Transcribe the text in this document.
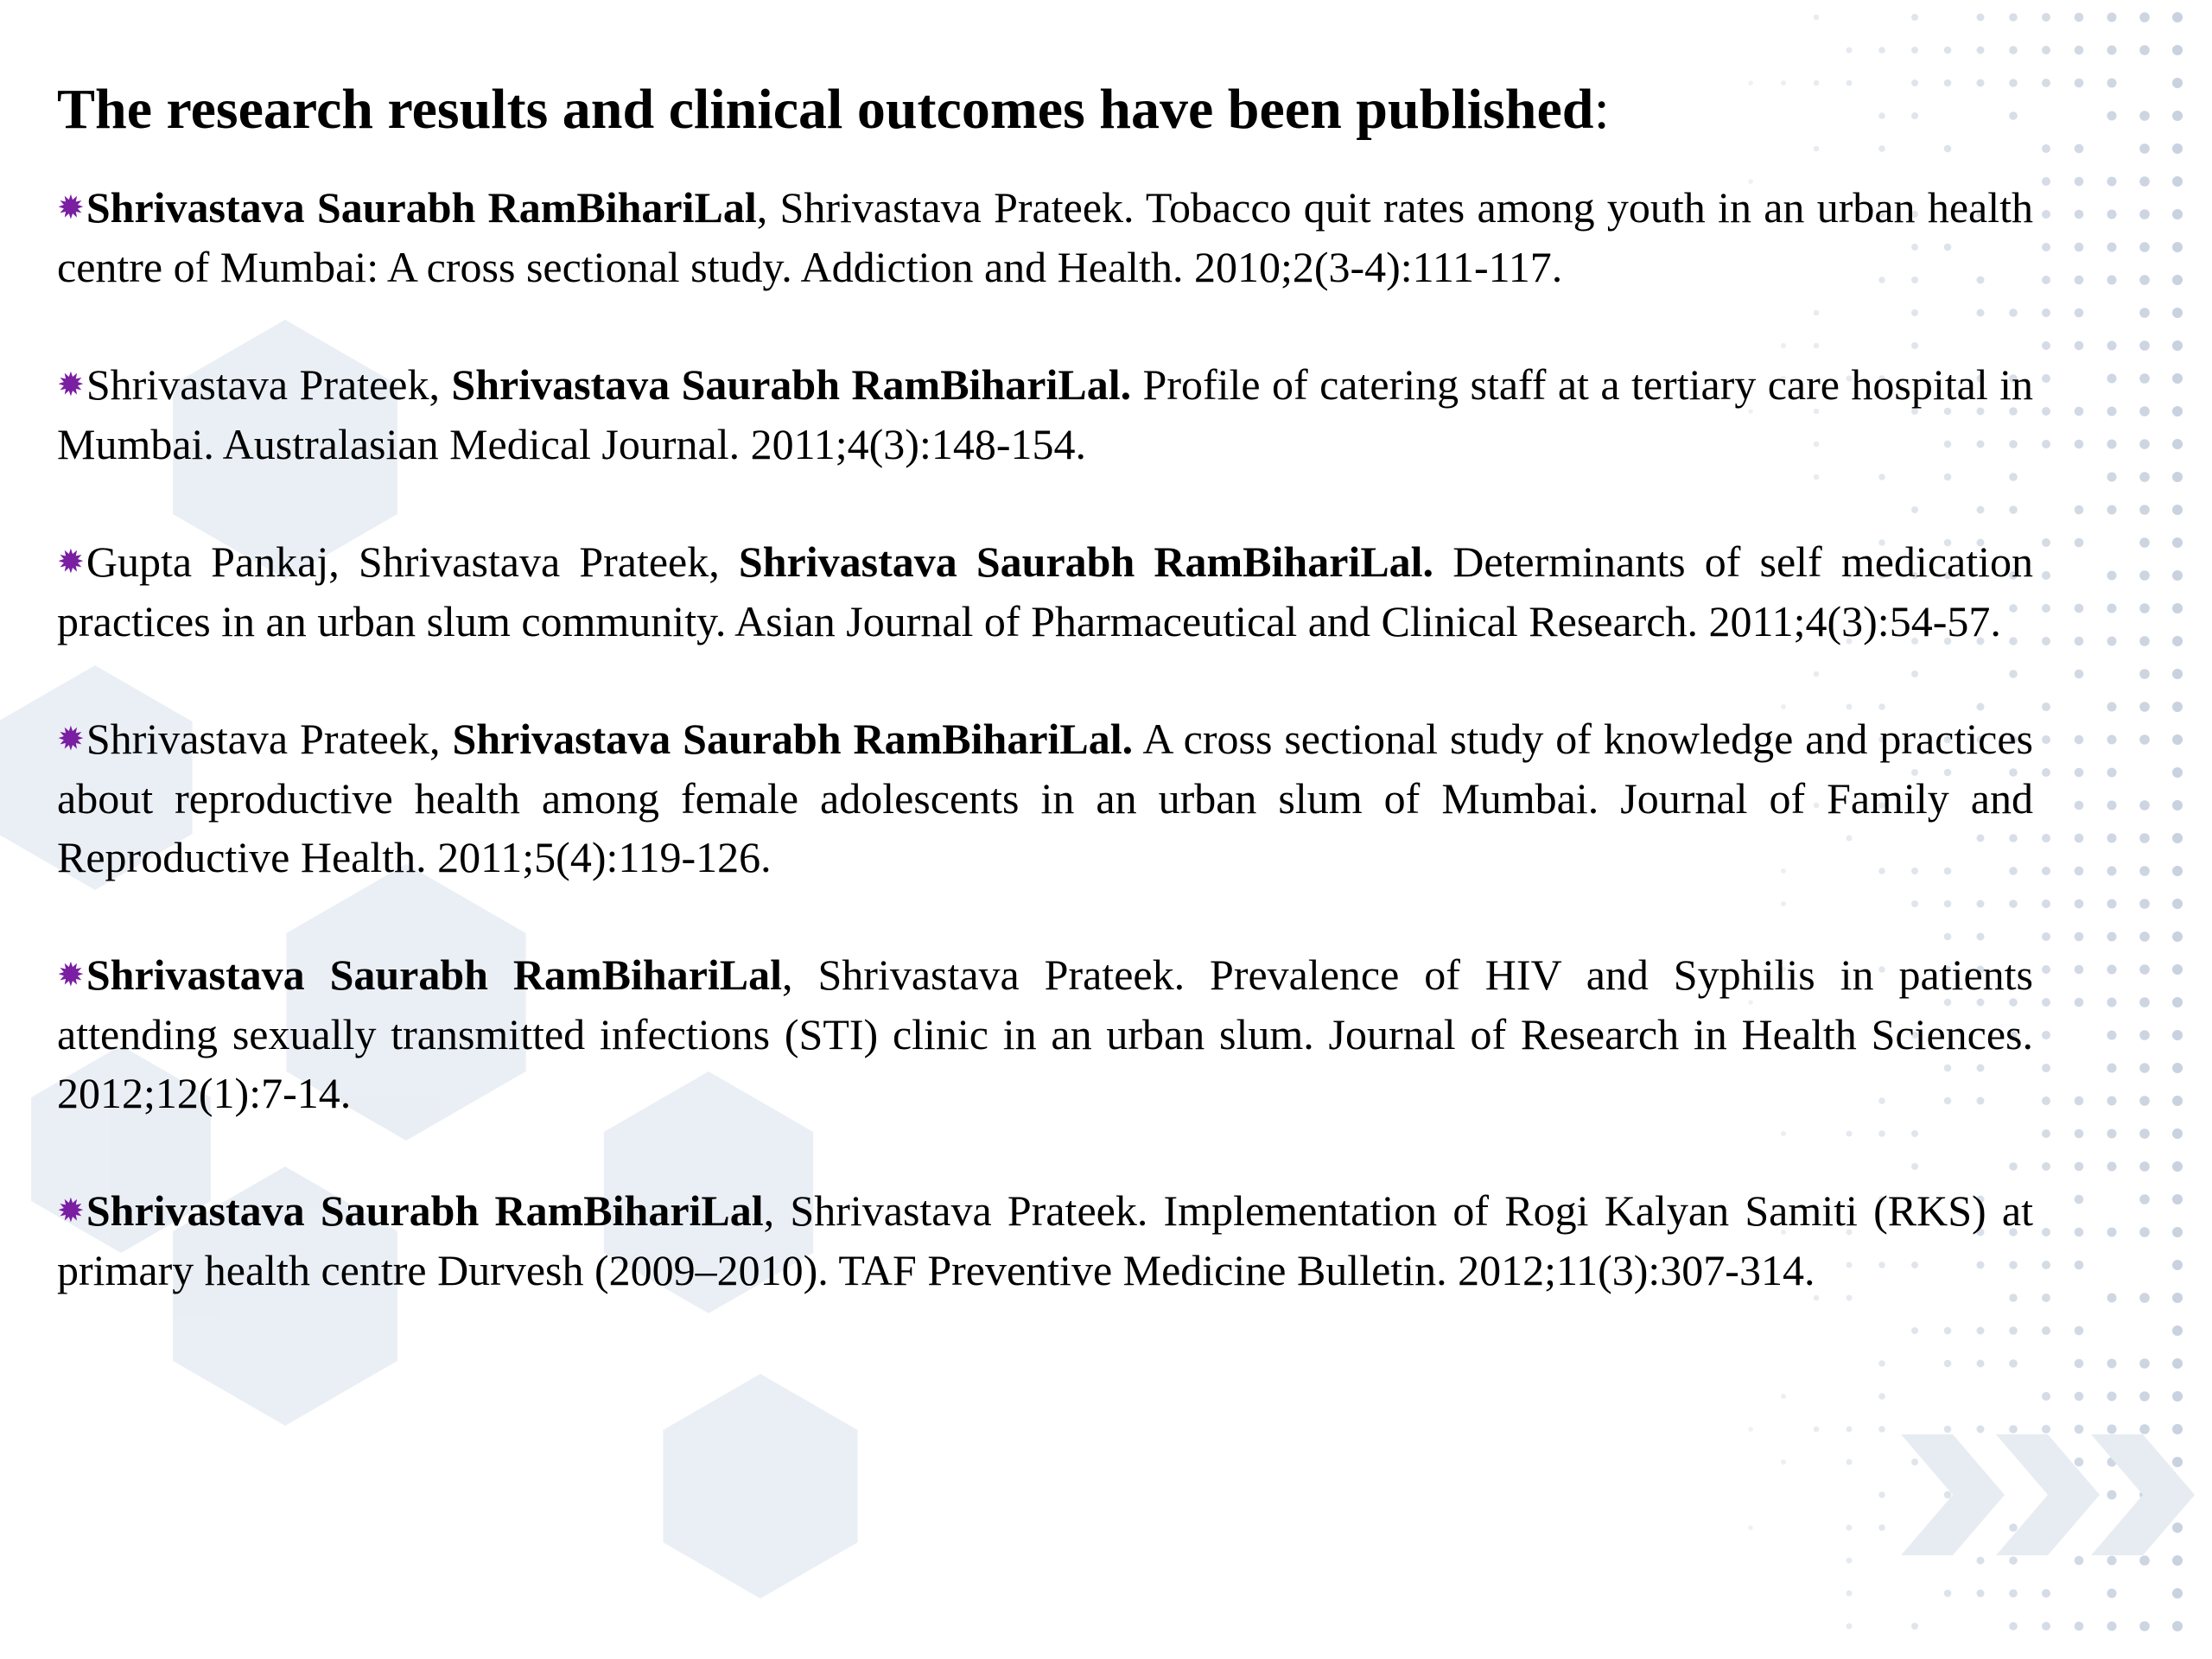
The research results and clinical outcomes have been published:

✹Shrivastava Saurabh RamBihariLal, Shrivastava Prateek. Tobacco quit rates among youth in an urban health centre of Mumbai: A cross sectional study. Addiction and Health. 2010;2(3-4):111-117.

✹Shrivastava Prateek, Shrivastava Saurabh RamBihariLal. Profile of catering staff at a tertiary care hospital in Mumbai. Australasian Medical Journal. 2011;4(3):148-154.

✹Gupta Pankaj, Shrivastava Prateek, Shrivastava Saurabh RamBihariLal. Determinants of self medication practices in an urban slum community. Asian Journal of Pharmaceutical and Clinical Research. 2011;4(3):54-57.

✹Shrivastava Prateek, Shrivastava Saurabh RamBihariLal. A cross sectional study of knowledge and practices about reproductive health among female adolescents in an urban slum of Mumbai. Journal of Family and Reproductive Health. 2011;5(4):119-126.

✹Shrivastava Saurabh RamBihariLal, Shrivastava Prateek. Prevalence of HIV and Syphilis in patients attending sexually transmitted infections (STI) clinic in an urban slum. Journal of Research in Health Sciences. 2012;12(1):7-14.

✹Shrivastava Saurabh RamBihariLal, Shrivastava Prateek. Implementation of Rogi Kalyan Samiti (RKS) at primary health centre Durvesh (2009–2010). TAF Preventive Medicine Bulletin. 2012;11(3):307-314.
